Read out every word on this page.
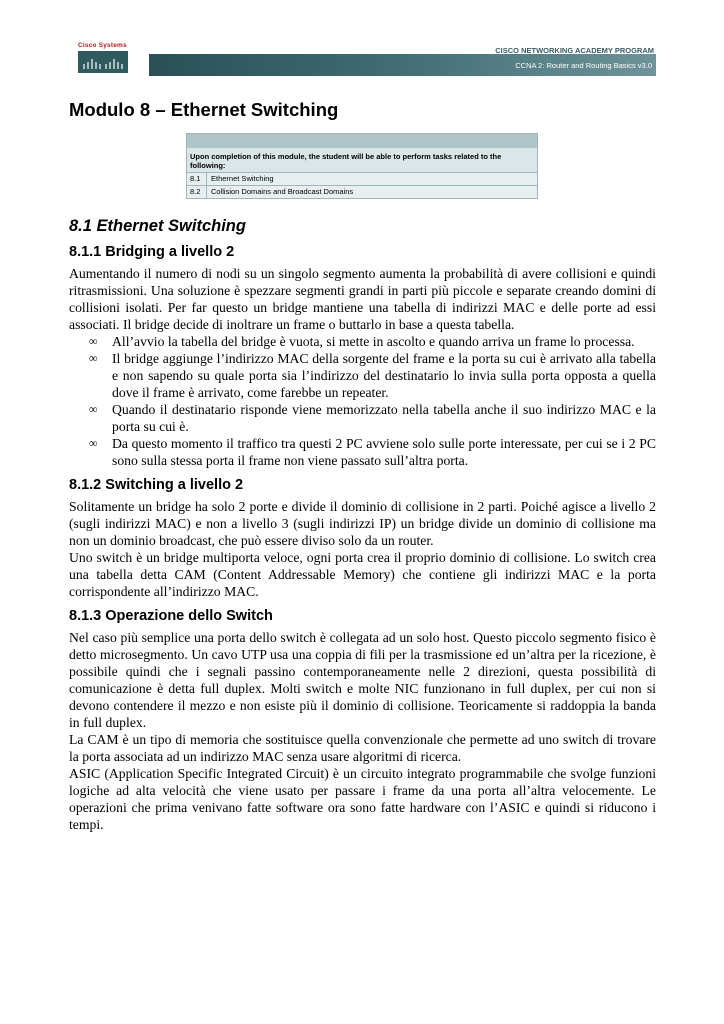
Cisco Systems
CISCO NETWORKING ACADEMY PROGRAM
CCNA 2: Router and Routing Basics v3.0
Modulo 8 – Ethernet Switching
Upon completion of this module, the student will be able to perform tasks related to the following:
8.1	Ethernet Switching
8.2	Collision Domains and Broadcast Domains
8.1 Ethernet Switching
8.1.1 Bridging a livello 2

Aumentando il numero di nodi su un singolo segmento aumenta la probabilità di avere collisioni e quindi ritrasmissioni. Una soluzione è spezzare segmenti grandi in parti più piccole e separate creando domini di collisioni isolati. Per far questo un bridge mantiene una tabella di indirizzi MAC e delle porte ad essi associati. Il bridge decide di inoltrare un frame o buttarlo in base a questa tabella.

∞ All’avvio la tabella del bridge è vuota, si mette in ascolto e quando arriva un frame lo processa.
∞ Il bridge aggiunge l’indirizzo MAC della sorgente del frame e la porta su cui è arrivato alla tabella e non sapendo su quale porta sia l’indirizzo del destinatario lo invia sulla porta opposta a quella dove il frame è arrivato, come farebbe un repeater.
∞ Quando il destinatario risponde viene memorizzato nella tabella anche il suo indirizzo MAC e la porta su cui è.
∞ Da questo momento il traffico tra questi 2 PC avviene solo sulle porte interessate, per cui se i 2 PC sono sulla stessa porta il frame non viene passato sull’altra porta.
8.1.2 Switching a livello 2

Solitamente un bridge ha solo 2 porte e divide il dominio di collisione in 2 parti. Poiché agisce a livello 2 (sugli indirizzi MAC) e non a livello 3 (sugli indirizzi IP) un bridge divide un dominio di collisione ma non un dominio broadcast, che può essere diviso solo da un router.

Uno switch è un bridge multiporta veloce, ogni porta crea il proprio dominio di collisione. Lo switch crea una tabella detta CAM (Content Addressable Memory) che contiene gli indirizzi MAC e la porta corrispondente all’indirizzo MAC.

8.1.3 Operazione dello Switch

Nel caso più semplice una porta dello switch è collegata ad un solo host. Questo piccolo segmento fisico è detto microsegmento. Un cavo UTP usa una coppia di fili per la trasmissione ed un’altra per la ricezione, è possibile quindi che i segnali passino contemporaneamente nelle 2 direzioni, questa possibilità di comunicazione è detta full duplex. Molti switch e molte NIC funzionano in full duplex, per cui non si devono contendere il mezzo e non esiste più il dominio di collisione. Teoricamente si raddoppia la banda in full duplex.

La CAM è un tipo di memoria che sostituisce quella convenzionale che permette ad uno switch di trovare la porta associata ad un indirizzo MAC senza usare algoritmi di ricerca.

ASIC (Application Specific Integrated Circuit) è un circuito integrato programmabile che svolge funzioni logiche ad alta velocità che viene usato per passare i frame da una porta all’altra velocemente. Le operazioni che prima venivano fatte software ora sono fatte hardware con l’ASIC e quindi si riducono i tempi.
